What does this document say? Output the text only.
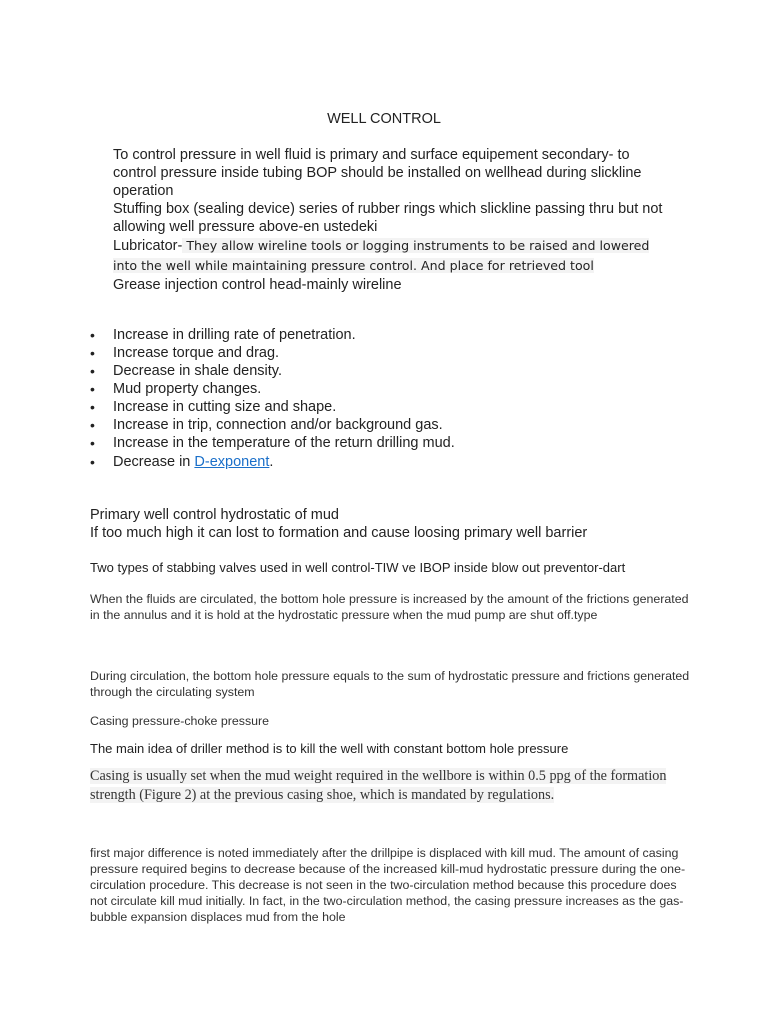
WELL CONTROL

To control pressure in well fluid is primary and surface equipement secondary- to control pressure inside tubing BOP should be installed on wellhead during slickline operation

Stuffing box (sealing device) series of rubber rings which slickline passing thru but not allowing well pressure above-en ustedeki

Lubricator- They allow wireline tools or logging instruments to be raised and lowered into the well while maintaining pressure control. And place for retrieved tool

Grease injection control head-mainly wireline

• Increase in drilling rate of penetration.
• Increase torque and drag.
• Decrease in shale density.
• Mud property changes.
• Increase in cutting size and shape.
• Increase in trip, connection and/or background gas.
• Increase in the temperature of the return drilling mud.
• Decrease in D-exponent.

Primary well control hydrostatic of mud

If too much high it can lost to formation and cause loosing primary well barrier

Two types of stabbing valves used in well control-TIW ve IBOP inside blow out preventor-dart

When the fluids are circulated, the bottom hole pressure is increased by the amount of the frictions generated in the annulus and it is hold at the hydrostatic pressure when the mud pump are shut off.type

During circulation, the bottom hole pressure equals to the sum of hydrostatic pressure and frictions generated through the circulating system

Casing pressure-choke pressure

The main idea of driller method is to kill the well with constant bottom hole pressure

Casing is usually set when the mud weight required in the wellbore is within 0.5 ppg of the formation strength (Figure 2) at the previous casing shoe, which is mandated by regulations.

first major difference is noted immediately after the drillpipe is displaced with kill mud. The amount of casing pressure required begins to decrease because of the increased kill-mud hydrostatic pressure during the one-circulation procedure. This decrease is not seen in the two-circulation method because this procedure does not circulate kill mud initially. In fact, in the two-circulation method, the casing pressure increases as the gas-bubble expansion displaces mud from the hole
